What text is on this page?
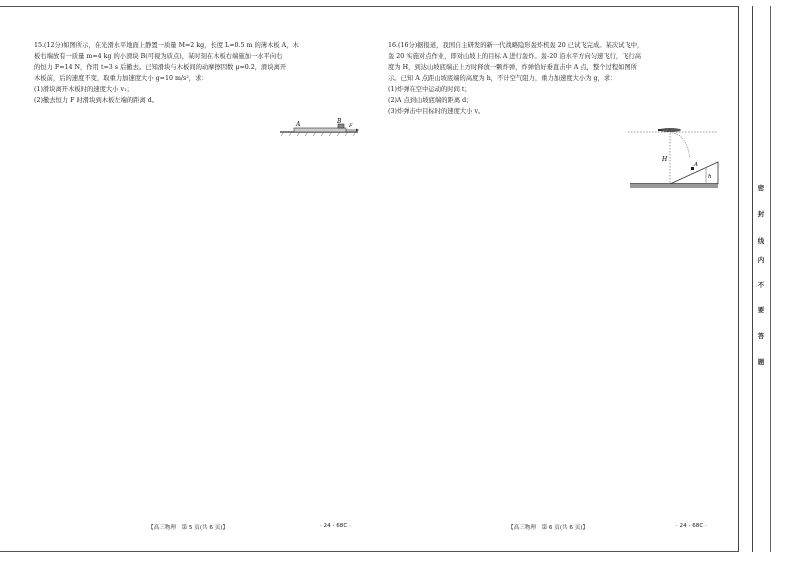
15.(12分)如图所示，在光滑水平地面上静置一质量 M=2 kg，长度 L=0.5 m 的薄木板 A，木

板右端放有一质量 m=4 kg 的小滑块 B(可视为质点)，某时刻在木板右端施加一水平向右

的恒力 F=14 N，作用 t=3 s 后撤去。已知滑块与木板间的动摩擦因数 μ=0.2，滑块离开

木板前，后的速度不变，取重力加速度大小 g=10 m/s²，求：

(1)滑块离开木板时的速度大小 v₁；

(2)撤去恒力 F 时滑块到木板左端的距离 d。

A	B
F

16.(16分)据报道，我国自主研发的新一代战略隐形轰炸机轰 20 已试飞完成。某次试飞中，

轰 20 实施对点作业，即对山坡上的目标 A 进行轰炸。轰-20 沿水平方向匀速飞行，飞行高

度为 H，到达山坡底端正上方时释放一颗炸弹，炸弹恰好垂直击中 A 点，整个过程如图所

示。已知 A 点距山坡底端的高度为 h，不计空气阻力，重力加速度大小为 g，求：

(1)炸弹在空中运动的时间 t；

(2)A 点到山坡底端的距离 d；

(3)炸弹击中目标时的速度大小 v。

H
A
h
【高三物理　第 5 页(共 6 页)】	· 24 - 68C ·	【高三物理　第 6 页(共 6 页)】	· 24 - 68C ·
密
封
线
内
不
要
答
题
